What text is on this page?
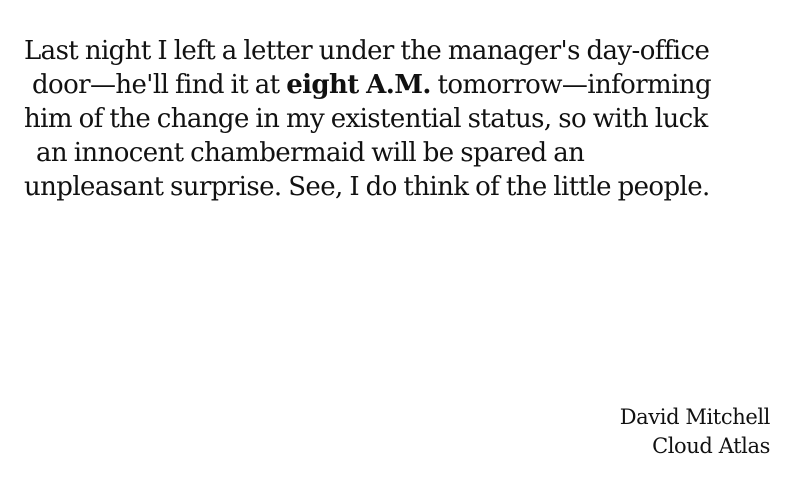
Last night I left a letter under the manager's day-office
door—he'll find it at eight A.M. tomorrow—informing
him of the change in my existential status, so with luck
an innocent chambermaid will be spared an
unpleasant surprise. See, I do think of the little people.
David Mitchell
Cloud Atlas
